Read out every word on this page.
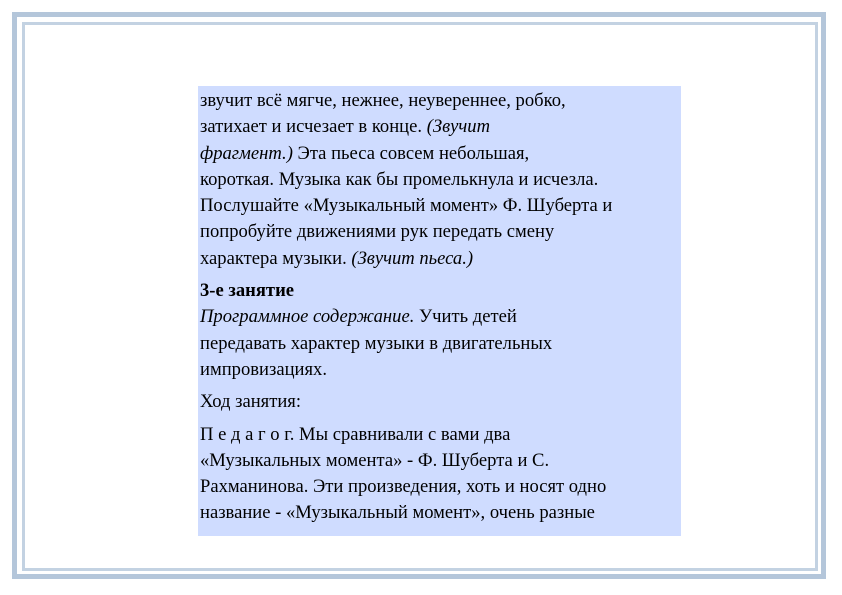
звучит всё мягче, нежнее, неувереннее, робко,
затихает и исчезает в конце. (Звучит
фрагмент.) Эта пьеса совсем небольшая,
короткая. Музыка как бы промелькнула и исчезла.
Послушайте «Музыкальный момент» Ф. Шуберта и
попробуйте движениями рук передать смену
характера музыки. (Звучит пьеса.)
3-е занятие
Программное содержание. Учить детей
передавать характер музыки в двигательных
импровизациях.
Ход занятия:
П е д а г о г. Мы сравнивали с вами два
«Музыкальных момента» - Ф. Шуберта и С.
Рахманинова. Эти произведения, хоть и носят одно
название - «Музыкальный момент», очень разные
